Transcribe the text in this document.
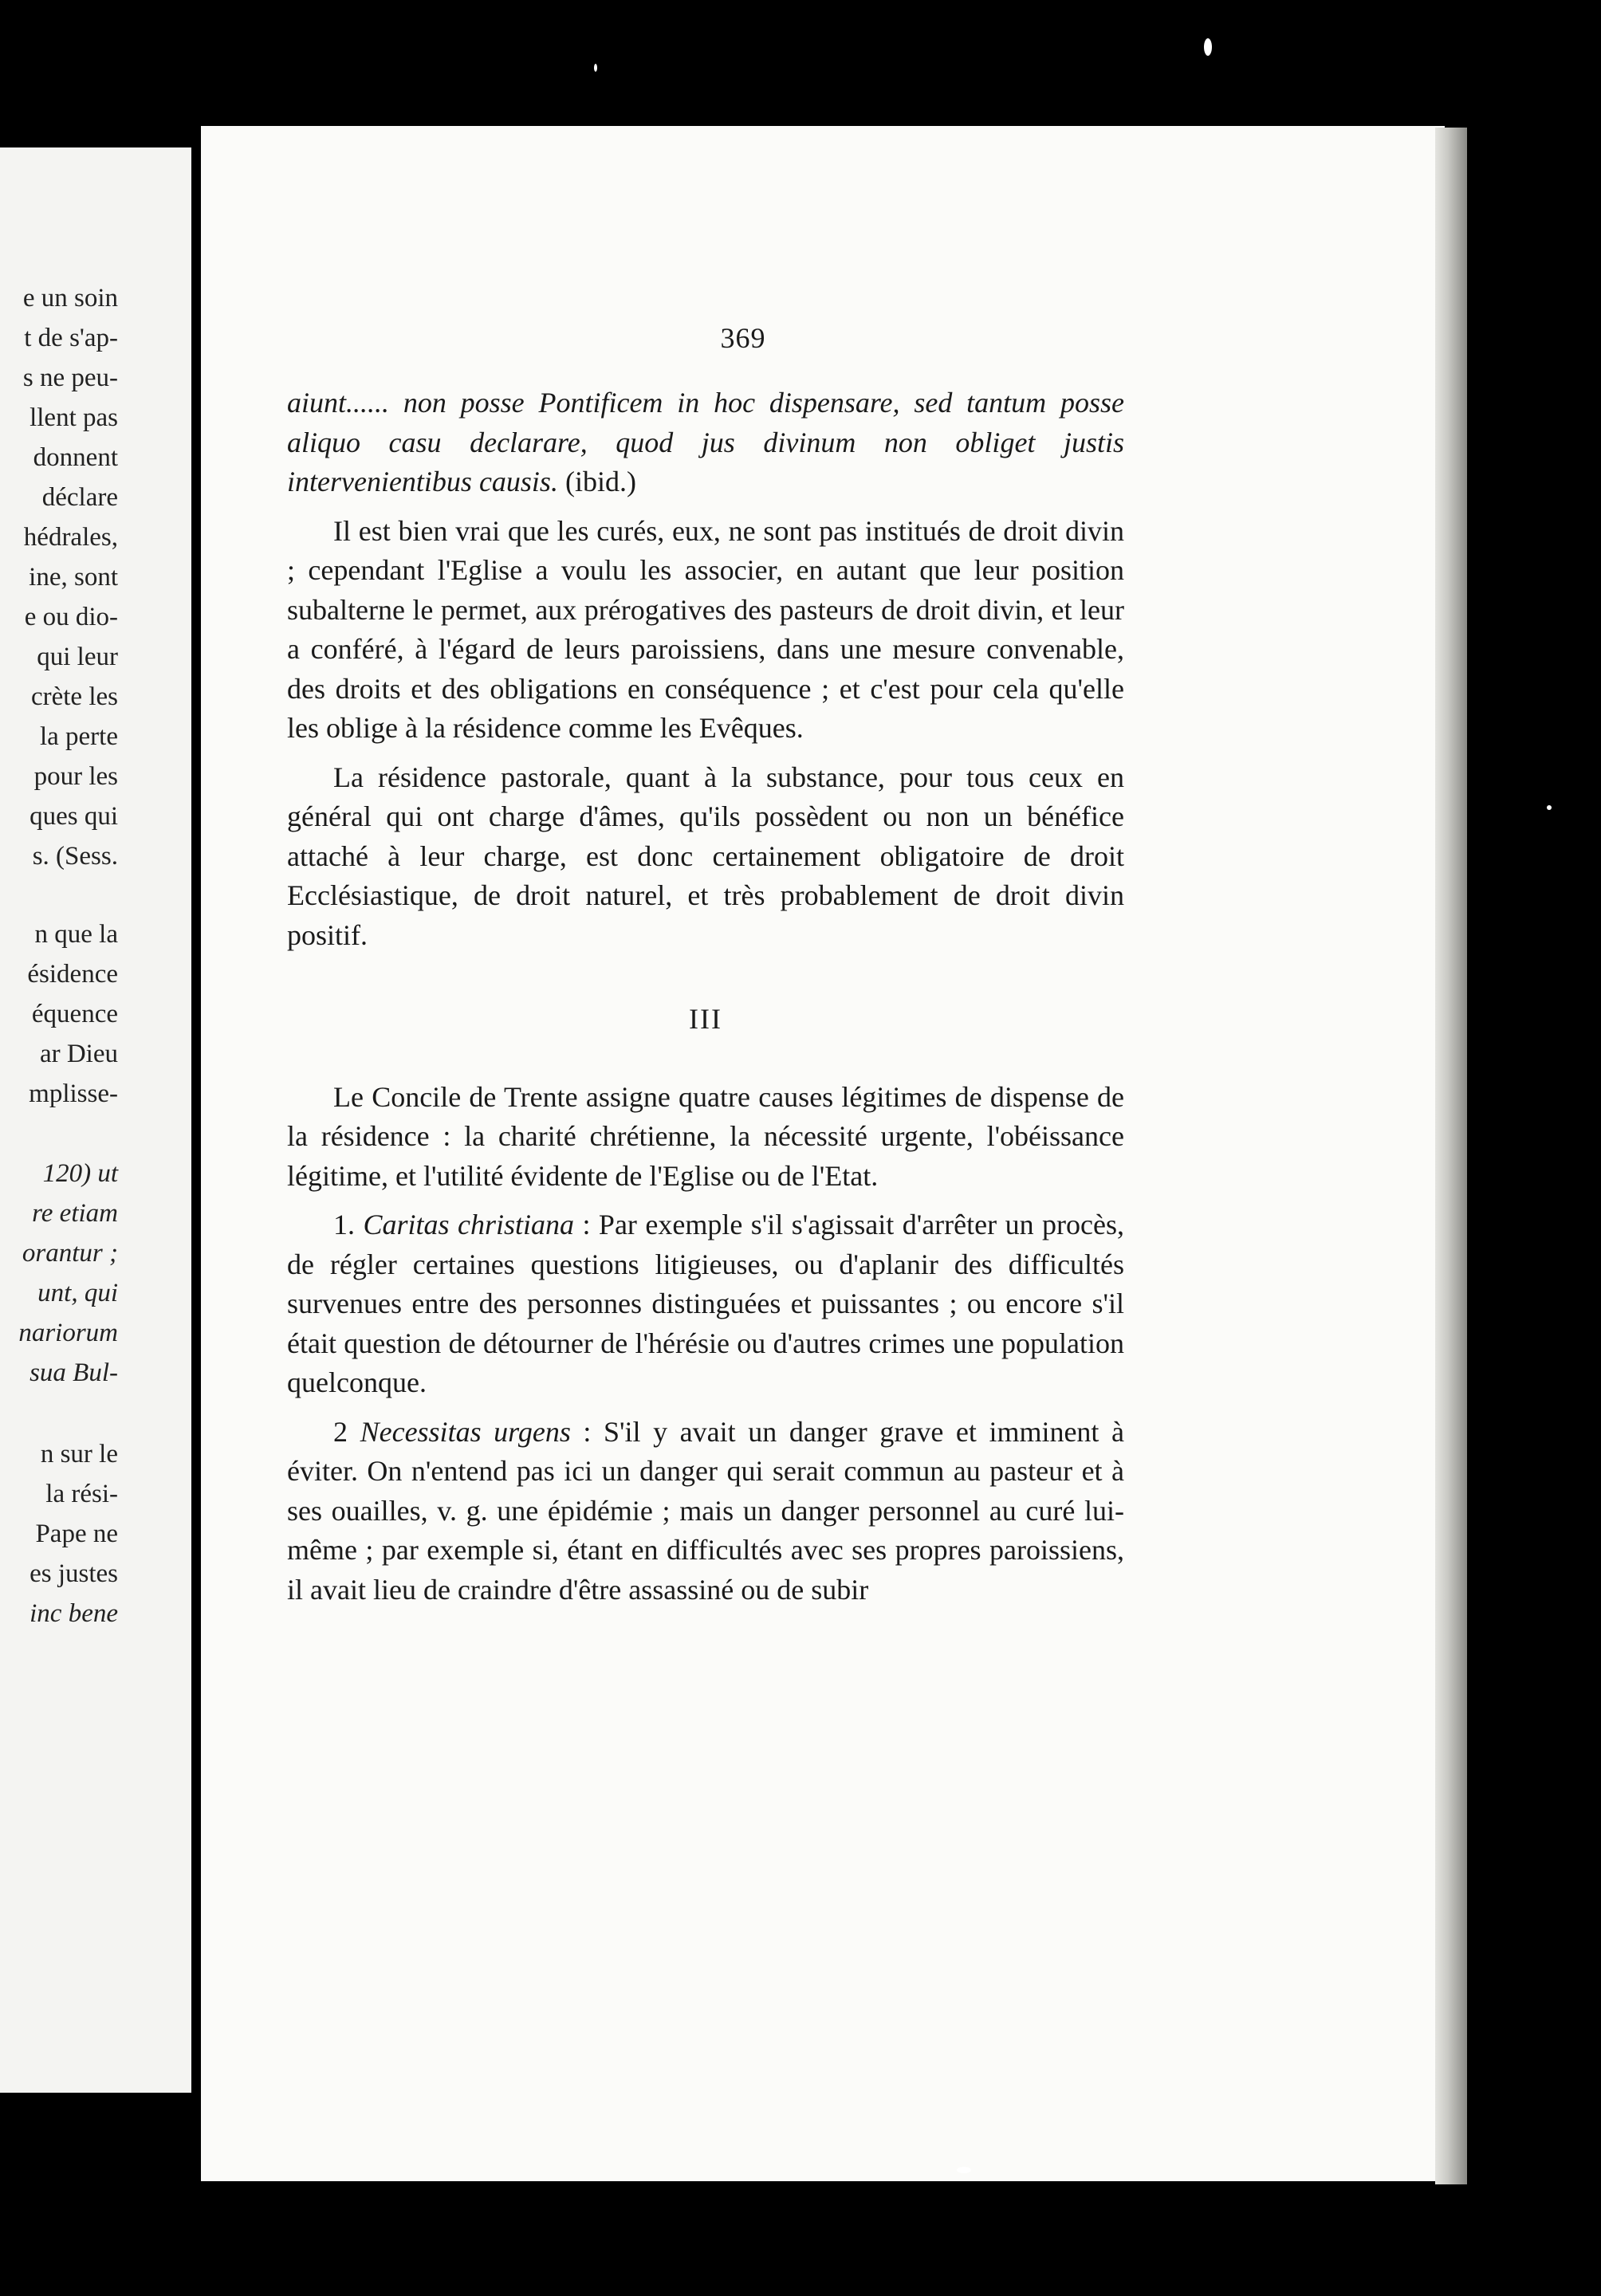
e un soin
t de s'ap-
s ne peu-
llent pas
donnent
déclare
hédrales,
ine, sont
e ou dio-
qui leur
crète les
la perte
pour les
ques qui
s. (Sess.
n que la
ésidence
équence
ar Dieu
mplisse-
120) ut
re etiam
orantur ;
unt, qui
nariorum
sua Bul-
n sur le
la rési-
Pape ne
es justes
inc bene
369

aiunt...... non posse Pontificem in hoc dispensare, sed tantum posse aliquo casu declarare, quod jus divinum non obliget justis intervenientibus causis. (ibid.)

Il est bien vrai que les curés, eux, ne sont pas institués de droit divin ; cependant l'Eglise a voulu les associer, en autant que leur position subalterne le permet, aux prérogatives des pasteurs de droit divin, et leur a conféré, à l'égard de leurs paroissiens, dans une mesure convenable, des droits et des obligations en conséquence ; et c'est pour cela qu'elle les oblige à la résidence comme les Evêques.

La résidence pastorale, quant à la substance, pour tous ceux en général qui ont charge d'âmes, qu'ils possèdent ou non un bénéfice attaché à leur charge, est donc certainement obligatoire de droit Ecclésiastique, de droit naturel, et très probablement de droit divin positif.

III

Le Concile de Trente assigne quatre causes légitimes de dispense de la résidence : la charité chrétienne, la nécessité urgente, l'obéissance légitime, et l'utilité évidente de l'Eglise ou de l'Etat.

1. Caritas christiana : Par exemple s'il s'agissait d'arrêter un procès, de régler certaines questions litigieuses, ou d'aplanir des difficultés survenues entre des personnes distinguées et puissantes ; ou encore s'il était question de détourner de l'hérésie ou d'autres crimes une population quelconque.

2 Necessitas urgens : S'il y avait un danger grave et imminent à éviter. On n'entend pas ici un danger qui serait commun au pasteur et à ses ouailles, v. g. une épidémie ; mais un danger personnel au curé lui-même ; par exemple si, étant en difficultés avec ses propres paroissiens, il avait lieu de craindre d'être assassiné ou de subir
